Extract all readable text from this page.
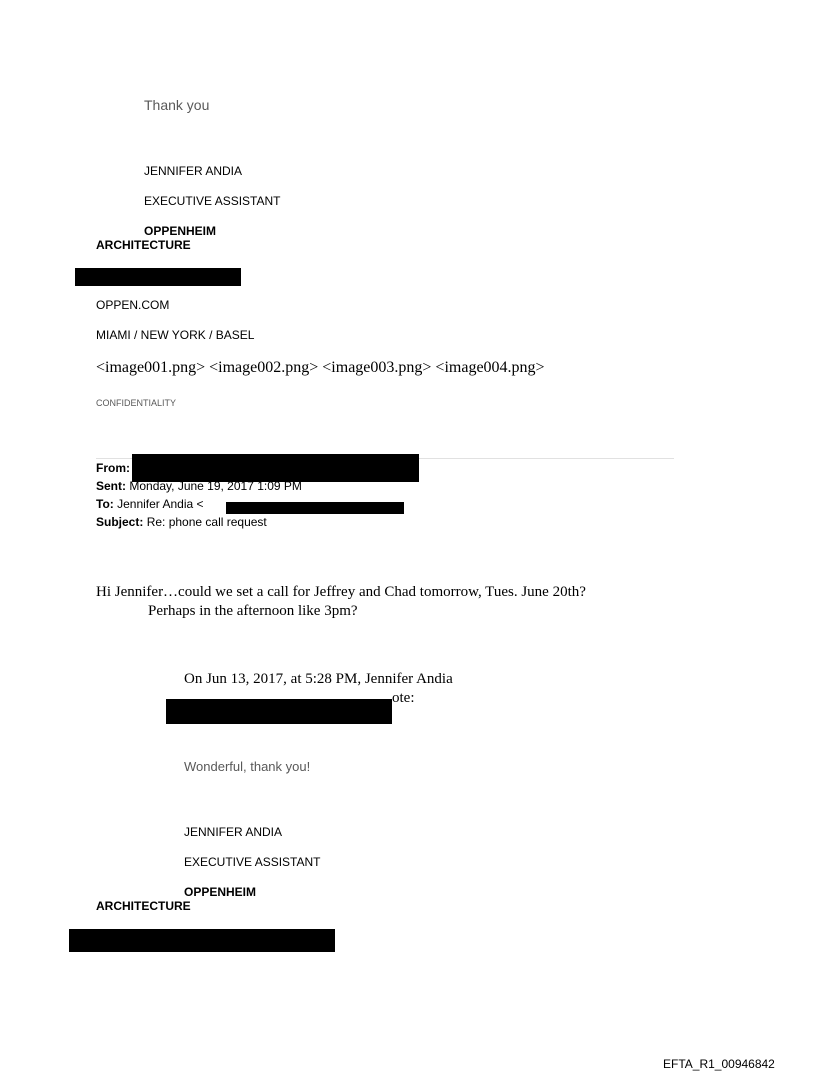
Thank you
JENNIFER ANDIA
EXECUTIVE ASSISTANT
OPPENHEIM
ARCHITECTURE
OPPEN.COM
MIAMI / NEW YORK / BASEL
<image001.png> <image002.png> <image003.png> <image004.png>
CONFIDENTIALITY
From:
Sent: Monday, June 19, 2017 1:09 PM
To: Jennifer Andia <
Subject: Re: phone call request
Hi Jennifer…could we set a call for Jeffrey and Chad tomorrow, Tues. June 20th?
Perhaps in the afternoon like 3pm?
On Jun 13, 2017, at 5:28 PM, Jennifer Andia
ote:
Wonderful, thank you!
JENNIFER ANDIA
EXECUTIVE ASSISTANT
OPPENHEIM
ARCHITECTURE
EFTA_R1_00946842
